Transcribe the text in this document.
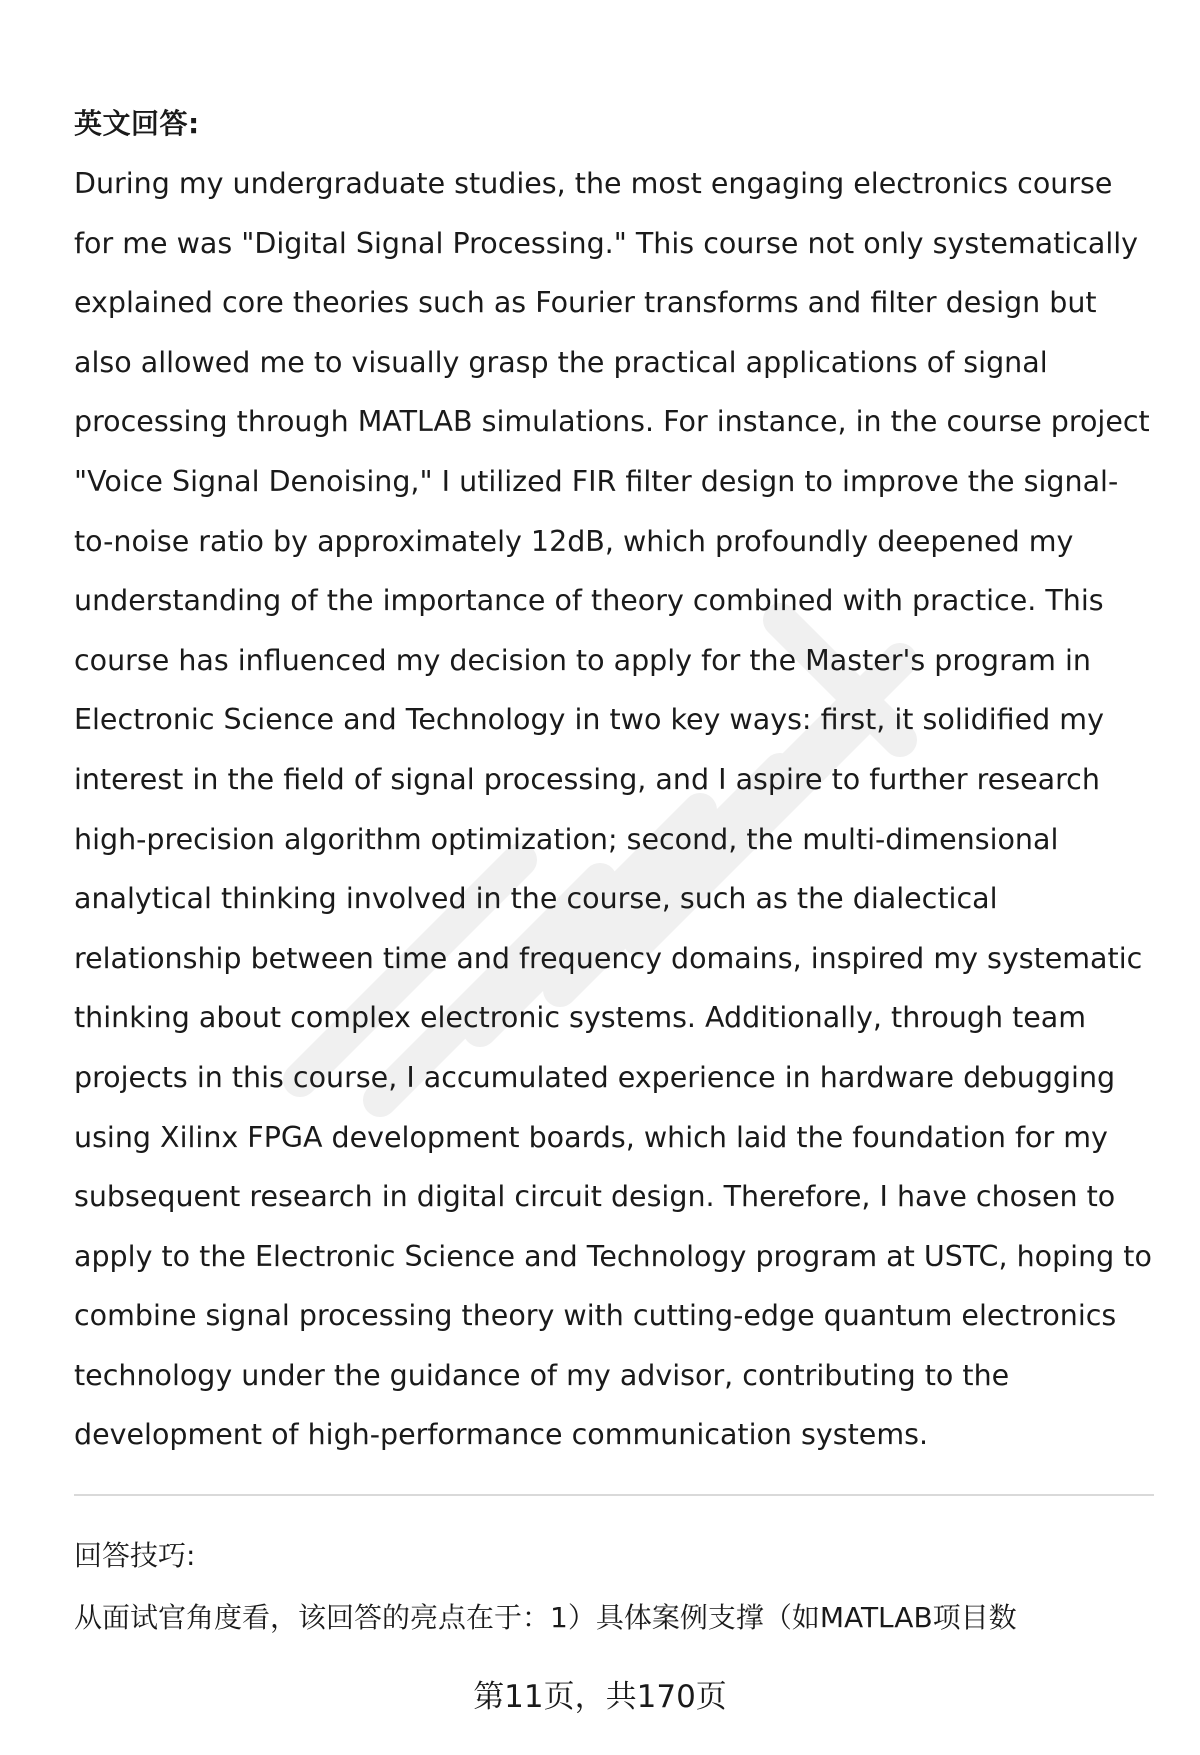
英文回答:

During my undergraduate studies, the most engaging electronics course for me was "Digital Signal Processing." This course not only systematically explained core theories such as Fourier transforms and filter design but also allowed me to visually grasp the practical applications of signal processing through MATLAB simulations. For instance, in the course project "Voice Signal Denoising," I utilized FIR filter design to improve the signal-to-noise ratio by approximately 12dB, which profoundly deepened my understanding of the importance of theory combined with practice. This course has influenced my decision to apply for the Master's program in Electronic Science and Technology in two key ways: first, it solidified my interest in the field of signal processing, and I aspire to further research high-precision algorithm optimization; second, the multi-dimensional analytical thinking involved in the course, such as the dialectical relationship between time and frequency domains, inspired my systematic thinking about complex electronic systems. Additionally, through team projects in this course, I accumulated experience in hardware debugging using Xilinx FPGA development boards, which laid the foundation for my subsequent research in digital circuit design. Therefore, I have chosen to apply to the Electronic Science and Technology program at USTC, hoping to combine signal processing theory with cutting-edge quantum electronics technology under the guidance of my advisor, contributing to the development of high-performance communication systems.

回答技巧:

从面试官角度看，该回答的亮点在于：1）具体案例支撑（如MATLAB项目数

第11页，共170页
